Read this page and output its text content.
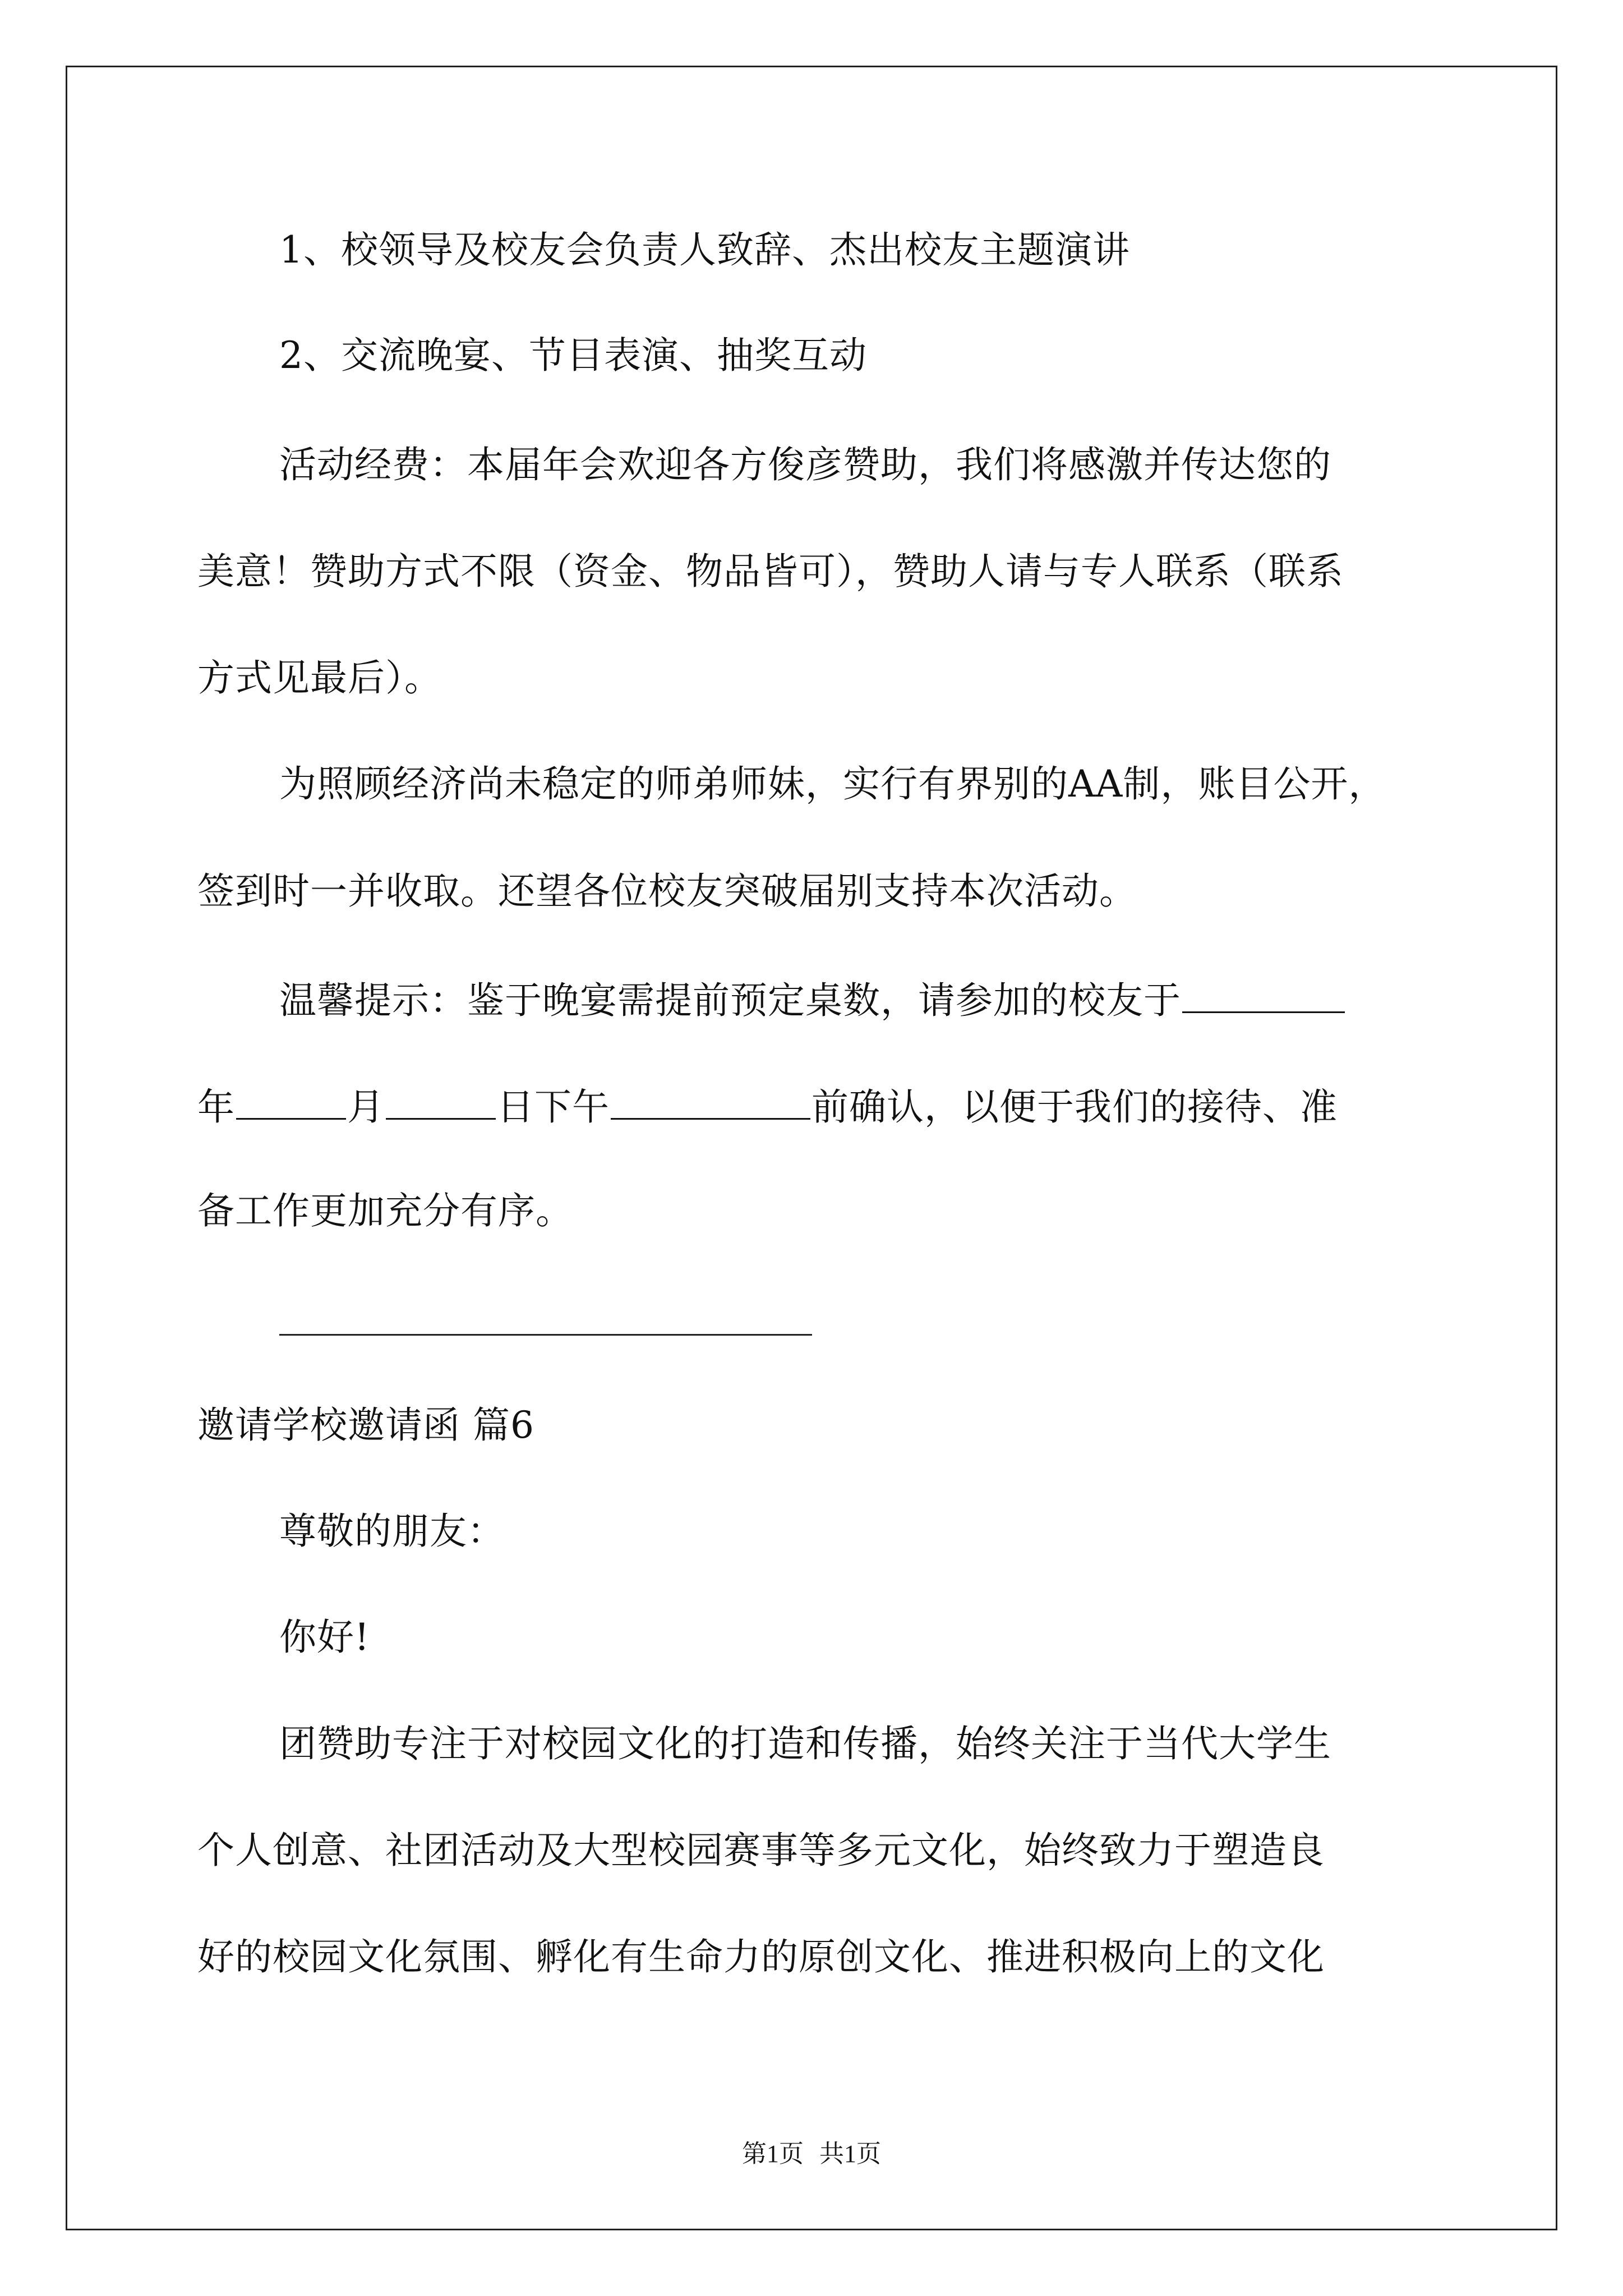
1、校领导及校友会负责人致辞、杰出校友主题演讲
2、交流晚宴、节目表演、抽奖互动
活动经费：本届年会欢迎各方俊彦赞助，我们将感激并传达您的
美意！赞助方式不限（资金、物品皆可），赞助人请与专人联系（联系
方式见最后）。
为照顾经济尚未稳定的师弟师妹，实行有界别的AA制，账目公开，
签到时一并收取。还望各位校友突破届别支持本次活动。
温馨提示：鉴于晚宴需提前预定桌数，请参加的校友于
年	月	日下午	前确认，以便于我们的接待、准
备工作更加充分有序。
邀请学校邀请函 篇6
尊敬的朋友：
你好!
团赞助专注于对校园文化的打造和传播，始终关注于当代大学生
个人创意、社团活动及大型校园赛事等多元文化，始终致力于塑造良
好的校园文化氛围、孵化有生命力的原创文化、推进积极向上的文化
第1页 共1页
